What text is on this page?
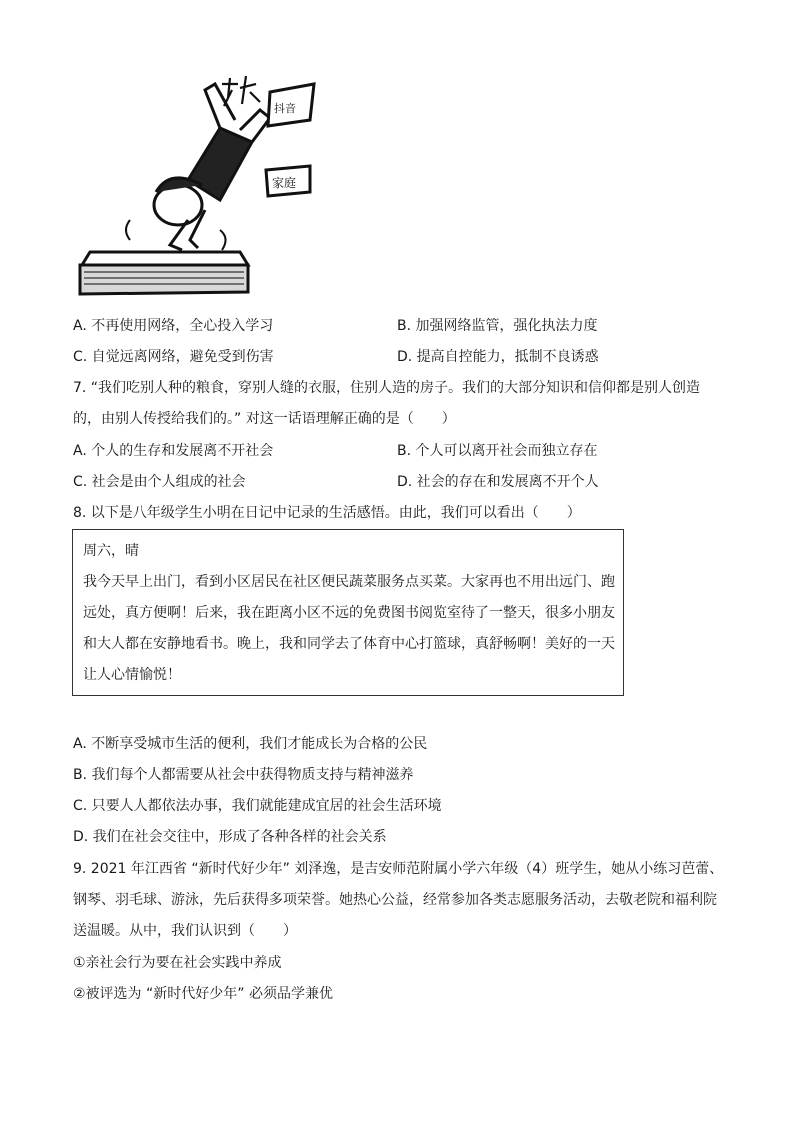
抖音
家庭
A. 不再使用网络，全心投入学习	B. 加强网络监管，强化执法力度
C. 自觉远离网络，避免受到伤害	D. 提高自控能力，抵制不良诱惑
7. “我们吃别人种的粮食，穿别人缝的衣服，住别人造的房子。我们的大部分知识和信仰都是别人创造
的，由别人传授给我们的。” 对这一话语理解正确的是（　　）
A. 个人的生存和发展离不开社会	B. 个人可以离开社会而独立存在
C. 社会是由个人组成的社会	D. 社会的存在和发展离不开个人
8. 以下是八年级学生小明在日记中记录的生活感悟。由此，我们可以看出（　　）
周六，晴
我今天早上出门，看到小区居民在社区便民蔬菜服务点买菜。大家再也不用出远门、跑
远处，真方便啊！后来，我在距离小区不远的免费图书阅览室待了一整天，很多小朋友
和大人都在安静地看书。晚上，我和同学去了体育中心打篮球，真舒畅啊！美好的一天
让人心情愉悦！
A. 不断享受城市生活的便利，我们才能成长为合格的公民
B. 我们每个人都需要从社会中获得物质支持与精神滋养
C. 只要人人都依法办事，我们就能建成宜居的社会生活环境
D. 我们在社会交往中，形成了各种各样的社会关系
9. 2021 年江西省 “新时代好少年” 刘泽逸，是吉安师范附属小学六年级（4）班学生，她从小练习芭蕾、
钢琴、羽毛球、游泳，先后获得多项荣誉。她热心公益，经常参加各类志愿服务活动，去敬老院和福利院
送温暖。从中，我们认识到（　　）
①亲社会行为要在社会实践中养成
②被评选为 “新时代好少年” 必须品学兼优
